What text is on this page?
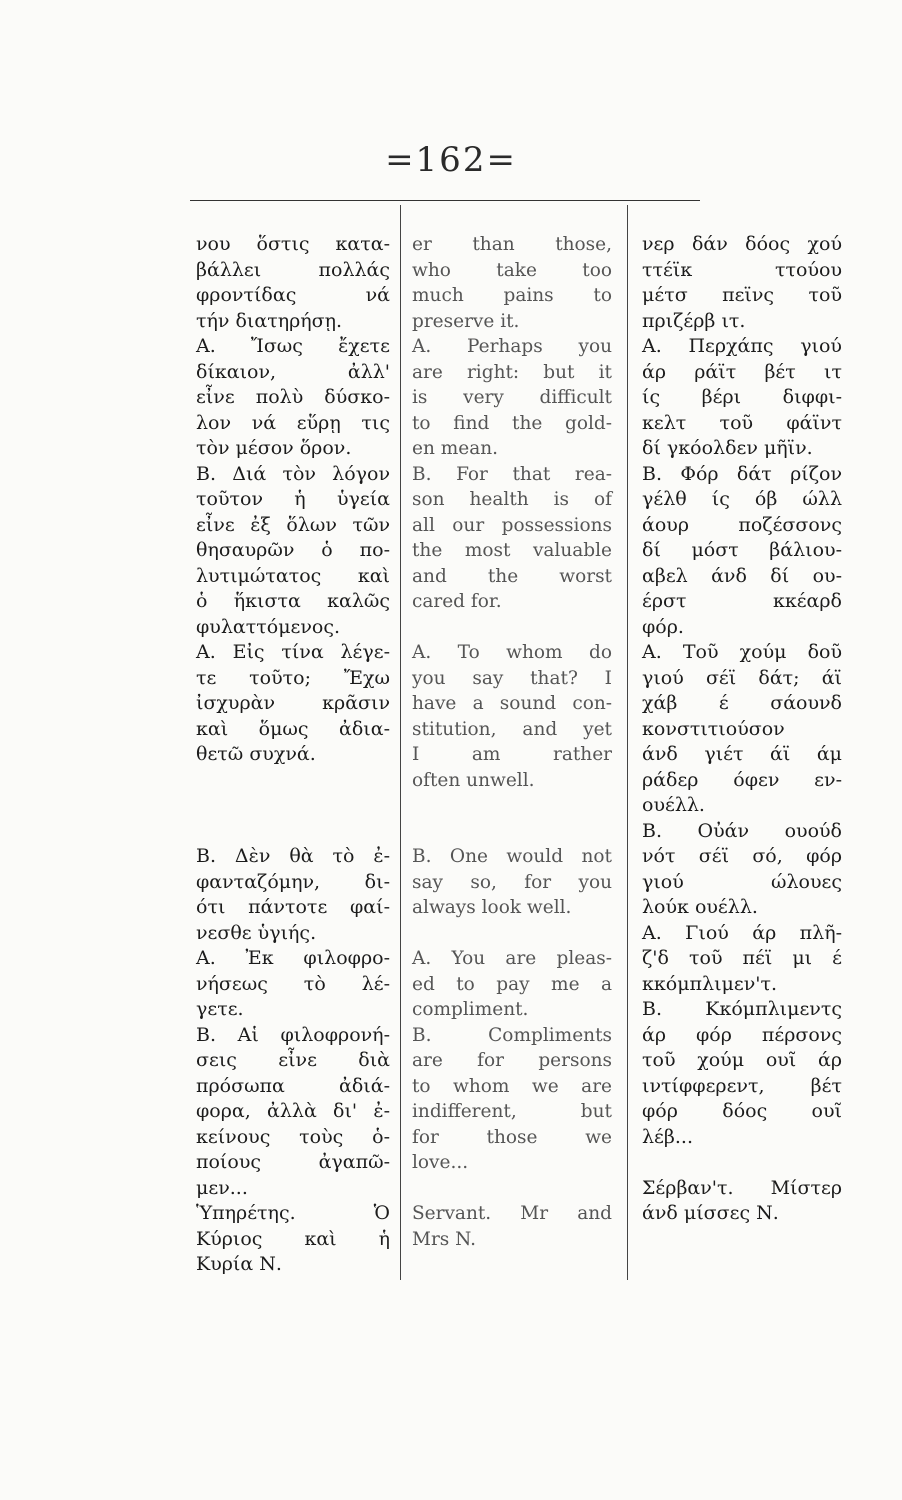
=162=
νου ὅστις κατα-
βάλλει πολλάς
φροντίδας νά
τήν διατηρήσῃ.
Α. Ἴσως ἔχετε
δίκαιον, ἀλλ'
εἶνε πολὺ δύσκο-
λον νά εὕρῃ τις
τὸν μέσον ὅρον.
Β. Διά τὸν λόγον
τοῦτον ἡ ὑγεία
εἶνε ἐξ ὅλων τῶν
θησαυρῶν ὁ πο-
λυτιμώτατος καὶ
ὁ ἥκιστα καλῶς
φυλαττόμενος.
Α. Εἰς τίνα λέγε-
τε τοῦτο; Ἔχω
ἰσχυρὰν κρᾶσιν
καὶ ὅμως ἀδια-
θετῶ συχνά.

Β. Δὲν θὰ τὸ ἐ-
φανταζόμην, δι-
ότι πάντοτε φαί-
νεσθε ὑγιής.
Α. Ἐκ φιλοφρο-
νήσεως τὸ λέ-
γετε.
Β. Αἱ φιλοφρονή-
σεις εἶνε διὰ
πρόσωπα ἀδιά-
φορα, ἀλλὰ δι' ἐ-
κείνους τοὺς ὁ-
ποίους ἀγαπῶ-
μεν...
Ὑπηρέτης. Ὁ
Κύριος καὶ ἡ
Κυρία Ν.
er than those,
who take too
much pains to
preserve it.
A. Perhaps you
are right: but it
is very difficult
to find the gold-
en mean.
B. For that rea-
son health is of
all our possessions
the most valuable
and the worst
cared for.

A. To whom do
you say that? I
have a sound con-
stitution, and yet
I am rather
often unwell.

B. One would not
say so, for you
always look well.

A. You are pleas-
ed to pay me a
compliment.
B. Compliments
are for persons
to whom we are
indifferent, but
for those we
love...

Servant. Mr and
Mrs N.
νερ δάν δόος χού
ττέϊκ ττούου
μέτσ πεϊνς τοῦ
πριζέρβ ιτ.
Α. Περχάπς γιού
άρ ράϊτ βέτ ιτ
ίς βέρι διφφι-
κελτ τοῦ φάϊντ
δί γκόολδεν μῆϊν.
Β. Φόρ δάτ ρίζον
γέλθ ίς όβ ώλλ
άουρ ποζέσσονς
δί μόστ βάλιου-
αβελ άνδ δί ου-
έρστ κκέαρδ
φόρ.
Α. Τοῦ χούμ δοῦ
γιού σέϊ δάτ; άϊ
χάβ έ σάουνδ
κονστιτιούσον
άνδ γιέτ άϊ άμ
ράδερ όφεν εν-
ουέλλ.
Β. Οὐάν ουούδ
νότ σέϊ σό, φόρ
γιού ώλουες
λούκ ουέλλ.
Α. Γιού άρ πλῆ-
ζ'δ τοῦ πέϊ μι έ
κκόμπλιμεν'τ.
Β. Κκόμπλιμεντς
άρ φόρ πέρσονς
τοῦ χούμ ουῖ άρ
ιντίφφερεντ, βέτ
φόρ δόος ουῖ
λέβ...

Σέρβαν'τ. Μίστερ
άνδ μίσσες Ν.
